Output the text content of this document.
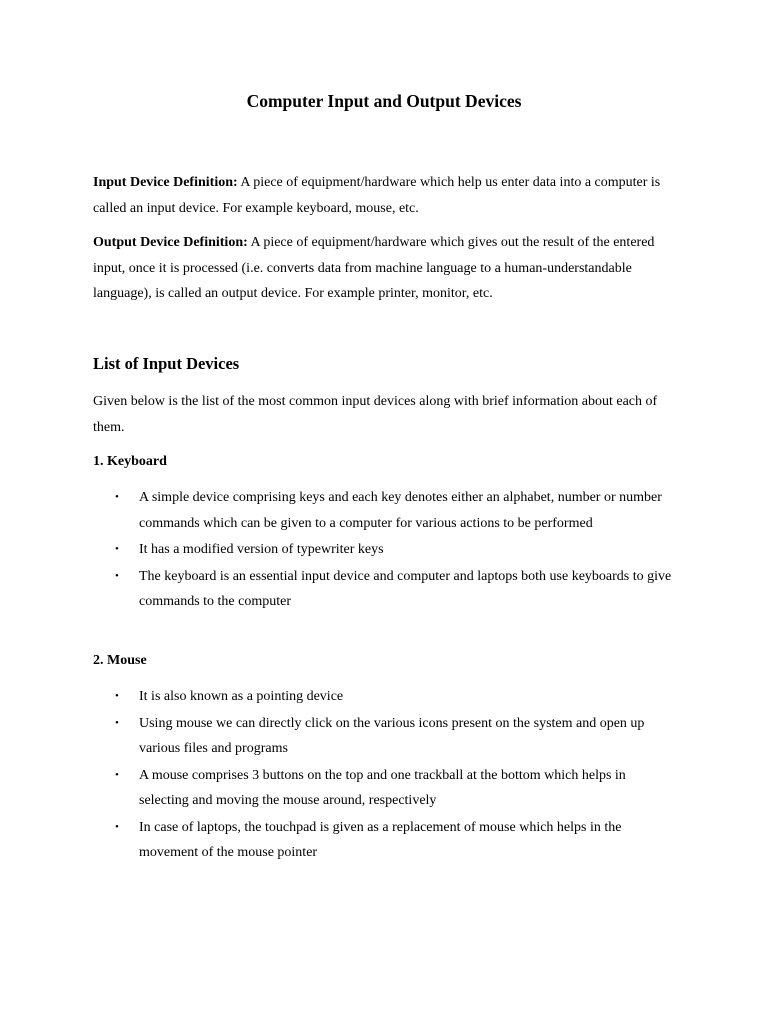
Computer Input and Output Devices

Input Device Definition: A piece of equipment/hardware which help us enter data into a computer is called an input device. For example keyboard, mouse, etc.

Output Device Definition: A piece of equipment/hardware which gives out the result of the entered input, once it is processed (i.e. converts data from machine language to a human-understandable language), is called an output device. For example printer, monitor, etc.

List of Input Devices

Given below is the list of the most common input devices along with brief information about each of them.

1. Keyboard
• A simple device comprising keys and each key denotes either an alphabet, number or number commands which can be given to a computer for various actions to be performed
• It has a modified version of typewriter keys
• The keyboard is an essential input device and computer and laptops both use keyboards to give commands to the computer
2. Mouse
• It is also known as a pointing device
• Using mouse we can directly click on the various icons present on the system and open up various files and programs
• A mouse comprises 3 buttons on the top and one trackball at the bottom which helps in selecting and moving the mouse around, respectively
• In case of laptops, the touchpad is given as a replacement of mouse which helps in the movement of the mouse pointer
